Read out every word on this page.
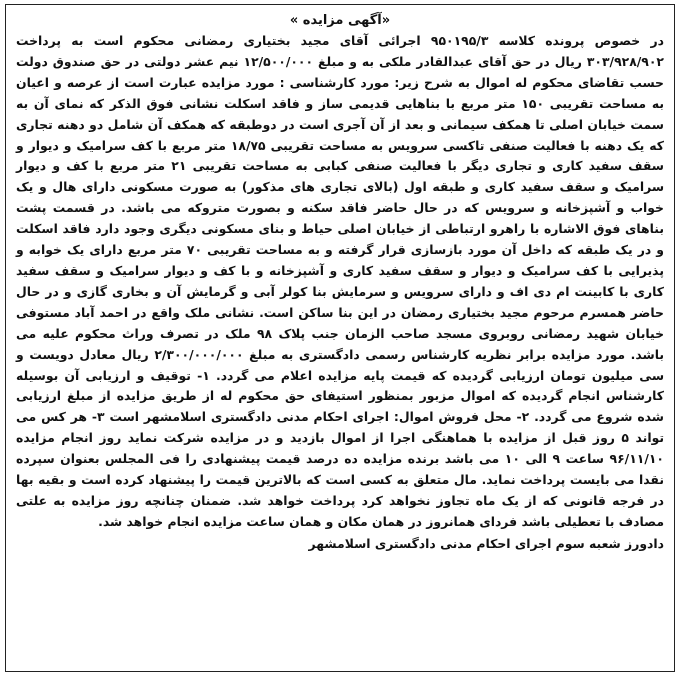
«آگهی مزایده »

در خصوص پرونده کلاسه ۹۵۰۱۹۵/۳ اجرائی آقای مجید بختیاری رمضانی محکوم است به پرداخت ۳۰۳/۹۲۸/۹۰۲ ریال در حق آقای عبدالقادر ملکی به و مبلغ ۱۲/۵۰۰/۰۰۰ نیم عشر دولتی در حق صندوق دولت حسب تقاضای محکوم له اموال به شرح زیر: مورد کارشناسی : مورد مزایده عبارت است از عرصه و اعیان به مساحت تقریبی ۱۵۰ متر مربع با بناهایی قدیمی ساز و فاقد اسکلت نشانی فوق الذکر که نمای آن به سمت خیابان اصلی تا همکف سیمانی و بعد از آن آجری است در دوطبقه که همکف آن شامل دو دهنه تجاری که یک دهنه با فعالیت صنفی تاکسی سرویس به مساحت تقریبی ۱۸/۷۵ متر مربع با کف سرامیک و دیوار و سقف سفید کاری و تجاری دیگر با فعالیت صنفی کبابی به مساحت تقریبی ۲۱ متر مربع با کف و دیوار سرامیک و سقف سفید کاری و طبقه اول (بالای تجاری های مذکور) به صورت مسکونی دارای هال و یک خواب و آشپزخانه و سرویس که در حال حاضر فاقد سکنه و بصورت متروکه می باشد. در قسمت پشت بناهای فوق الاشاره با راهرو ارتباطی از خیابان اصلی حیاط و بنای مسکونی دیگری وجود دارد فاقد اسکلت و در یک طبقه که داخل آن مورد بازسازی قرار گرفته و به مساحت تقریبی ۷۰ متر مربع دارای یک خوابه و پذیرایی با کف سرامیک و دیوار و سقف سفید کاری و آشپزخانه و با کف و دیوار سرامیک و سقف سفید کاری با کابینت ام دی اف و دارای سرویس و سرمایش بنا کولر آبی و گرمایش آن و بخاری گازی و در حال حاضر همسرم مرحوم مجید بختیاری رمضان در این بنا ساکن است. نشانی ملک واقع در احمد آباد مستوفی خیابان شهید رمضانی روبروی مسجد صاحب الزمان جنب پلاک ۹۸ ملک در تصرف وراث محکوم علیه می باشد. مورد مزایده برابر نظریه کارشناس رسمی دادگستری به مبلغ ۲/۳۰۰/۰۰۰/۰۰۰ ریال معادل دویست و سی میلیون تومان ارزیابی گردیده که قیمت پایه مزایده اعلام می گردد. ۱- توقیف و ارزیابی آن بوسیله کارشناس انجام گردیده که اموال مزبور بمنظور استیفای حق محکوم له از طریق مزایده از مبلغ ارزیابی شده شروع می گردد. ۲- محل فروش اموال: اجرای احکام مدنی دادگستری اسلامشهر است ۳- هر کس می تواند ۵ روز قبل از مزایده با هماهنگی اجرا از اموال بازدید و در مزایده شرکت نماید روز انجام مزایده ۹۶/۱۱/۱۰ ساعت ۹ الی ۱۰ می باشد برنده مزایده ده درصد قیمت پیشنهادی را فی المجلس بعنوان سپرده نقدا می بایست پرداخت نماید. مال متعلق به کسی است که بالاترین قیمت را پیشنهاد کرده است و بقیه بها در فرجه قانونی که از یک ماه تجاوز نخواهد کرد پرداخت خواهد شد. ضمنان چنانچه روز مزایده به علتی مصادف با تعطیلی باشد فردای همانروز در همان مکان و همان ساعت مزایده انجام خواهد شد.

دادورز شعبه سوم اجرای احکام مدنی دادگستری اسلامشهر
